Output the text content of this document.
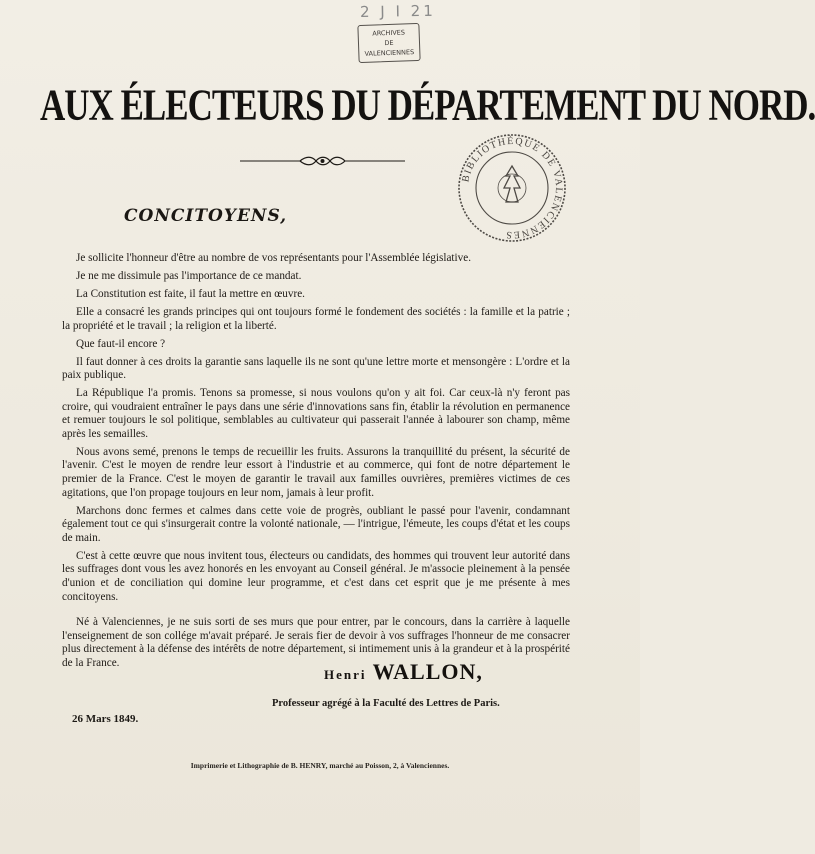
2 J I 21
ARCHIVES
DE
VALENCIENNES
AUX ÉLECTEURS DU DÉPARTEMENT DU NORD.
BIBLIOTHÈQUE DE VALENCIENNES
CONCITOYENS,

Je sollicite l'honneur d'être au nombre de vos représentants pour l'Assemblée législative.

Je ne me dissimule pas l'importance de ce mandat.

La Constitution est faite, il faut la mettre en œuvre.

Elle a consacré les grands principes qui ont toujours formé le fondement des sociétés : la famille et la patrie ; la propriété et le travail ; la religion et la liberté.

Que faut-il encore ?

Il faut donner à ces droits la garantie sans laquelle ils ne sont qu'une lettre morte et mensongère : L'ordre et la paix publique.

La République l'a promis. Tenons sa promesse, si nous voulons qu'on y ait foi. Car ceux-là n'y feront pas croire, qui voudraient entraîner le pays dans une série d'innovations sans fin, établir la révolution en permanence et remuer toujours le sol politique, semblables au cultivateur qui passerait l'année à labourer son champ, même après les semailles.

Nous avons semé, prenons le temps de recueillir les fruits. Assurons la tranquillité du présent, la sécurité de l'avenir. C'est le moyen de rendre leur essort à l'industrie et au commerce, qui font de notre département le premier de la France. C'est le moyen de garantir le travail aux familles ouvrières, premières victimes de ces agitations, que l'on propage toujours en leur nom, jamais à leur profit.

Marchons donc fermes et calmes dans cette voie de progrès, oubliant le passé pour l'avenir, condamnant également tout ce qui s'insurgerait contre la volonté nationale, — l'intrigue, l'émeute, les coups d'état et les coups de main.

C'est à cette œuvre que nous invitent tous, électeurs ou candidats, des hommes qui trouvent leur autorité dans les suffrages dont vous les avez honorés en les envoyant au Conseil général. Je m'associe pleinement à la pensée d'union et de conciliation qui domine leur programme, et c'est dans cet esprit que je me présente à mes concitoyens.

Né à Valenciennes, je ne suis sorti de ses murs que pour entrer, par le concours, dans la carrière à laquelle l'enseignement de son collége m'avait préparé. Je serais fier de devoir à vos suffrages l'honneur de me consacrer plus directement à la défense des intérêts de notre département, si intimement unis à la grandeur et à la prospérité de la France.

Henri WALLON,
Professeur agrégé à la Faculté des Lettres de Paris.
26 Mars 1849.
Imprimerie et Lithographie de B. HENRY, marché au Poisson, 2, à Valenciennes.
